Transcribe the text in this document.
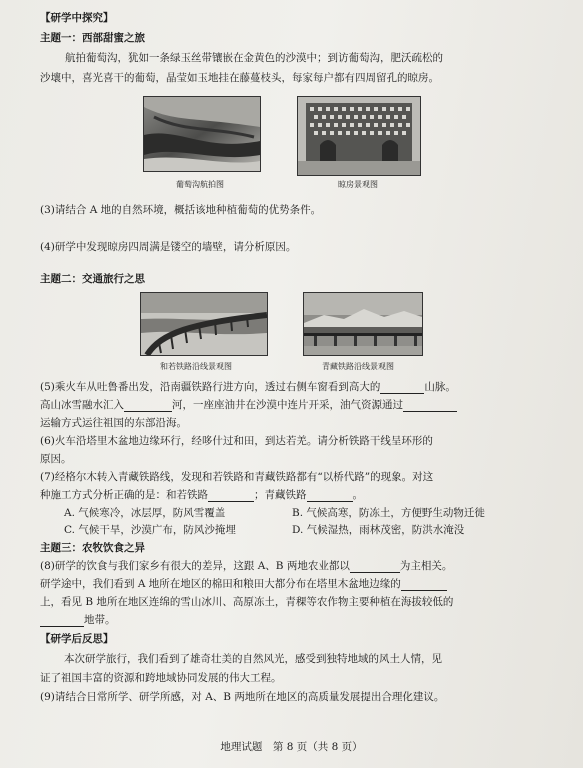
【研学中探究】
主题一：西部甜蜜之旅
航拍葡萄沟，犹如一条绿玉丝带镶嵌在金黄色的沙漠中；到访葡萄沟，肥沃疏松的
沙壤中，喜光喜干的葡萄，晶莹如玉地挂在藤蔓枝头，每家每户都有四周留孔的晾房。
葡萄沟航拍图	晾房景观图
(3)请结合 A 地的自然环境，概括该地种植葡萄的优势条件。
(4)研学中发现晾房四周满是镂空的墙壁，请分析原因。
主题二：交通旅行之思
和若铁路沿线景观图	青藏铁路沿线景观图
(5)乘火车从吐鲁番出发，沿南疆铁路行进方向，透过右侧车窗看到高大的	山脉。
高山冰雪融水汇入	河，一座座油井在沙漠中连片开采，油气资源通过
运输方式运往祖国的东部沿海。
(6)火车沿塔里木盆地边缘环行，经哆什过和田，到达若羌。请分析铁路干线呈环形的
原因。
(7)经格尔木转入青藏铁路线，发现和若铁路和青藏铁路都有“以桥代路”的现象。对这
种施工方式分析正确的是：和若铁路	；青藏铁路	。
A. 气候寒冷，冰层厚，防风雪覆盖	B. 气候高寒，防冻土，方便野生动物迁徙
C. 气候干旱，沙漠广布，防风沙掩埋	D. 气候湿热，雨林茂密，防洪水淹没
主题三：农牧饮食之异
(8)研学的饮食与我们家乡有很大的差异，这跟 A、B 两地农业都以	为主相关。
研学途中，我们看到 A 地所在地区的棉田和粮田大都分布在塔里木盆地边缘的
上，看见 B 地所在地区连绵的雪山冰川、高原冻土，青稞等农作物主要种植在海拔较低的
地带。
【研学后反思】
本次研学旅行，我们看到了雄奇壮美的自然风光，感受到独特地域的风土人情，见
证了祖国丰富的资源和跨地域协同发展的伟大工程。
(9)请结合日常所学、研学所感，对 A、B 两地所在地区的高质量发展提出合理化建议。
地理试题　第 8 页（共 8 页）
